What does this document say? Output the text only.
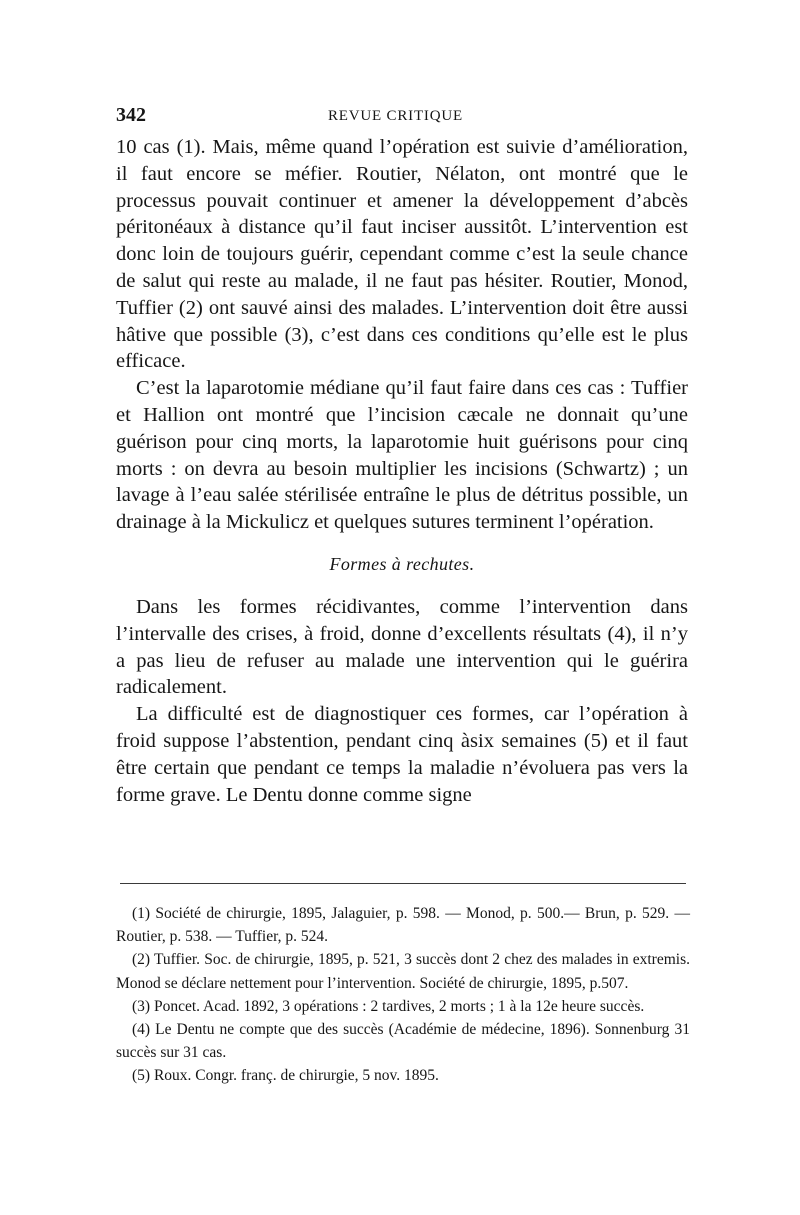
342	REVUE CRITIQUE

10 cas (1). Mais, même quand l’opération est suivie d’amélioration, il faut encore se méfier. Routier, Nélaton, ont montré que le processus pouvait continuer et amener la développement d’abcès péritonéaux à distance qu’il faut inciser aussitôt. L’intervention est donc loin de toujours guérir, cependant comme c’est la seule chance de salut qui reste au malade, il ne faut pas hésiter. Routier, Monod, Tuffier (2) ont sauvé ainsi des malades. L’intervention doit être aussi hâtive que possible (3), c’est dans ces conditions qu’elle est le plus efficace.

C’est la laparotomie médiane qu’il faut faire dans ces cas : Tuffier et Hallion ont montré que l’incision cæcale ne donnait qu’une guérison pour cinq morts, la laparotomie huit guérisons pour cinq morts : on devra au besoin multiplier les incisions (Schwartz) ; un lavage à l’eau salée stérilisée entraîne le plus de détritus possible, un drainage à la Mickulicz et quelques sutures terminent l’opération.

Formes à rechutes.

Dans les formes récidivantes, comme l’intervention dans l’intervalle des crises, à froid, donne d’excellents résultats (4), il n’y a pas lieu de refuser au malade une intervention qui le guérira radicalement.

La difficulté est de diagnostiquer ces formes, car l’opération à froid suppose l’abstention, pendant cinq àsix semaines (5) et il faut être certain que pendant ce temps la maladie n’évoluera pas vers la forme grave. Le Dentu donne comme signe

(1) Société de chirurgie, 1895, Jalaguier, p. 598. — Monod, p. 500.— Brun, p. 529. — Routier, p. 538. — Tuffier, p. 524.

(2) Tuffier. Soc. de chirurgie, 1895, p. 521, 3 succès dont 2 chez des malades in extremis. Monod se déclare nettement pour l’intervention. Société de chirurgie, 1895, p.507.

(3) Poncet. Acad. 1892, 3 opérations : 2 tardives, 2 morts ; 1 à la 12e heure succès.

(4) Le Dentu ne compte que des succès (Académie de médecine, 1896). Sonnenburg 31 succès sur 31 cas.

(5) Roux. Congr. franç. de chirurgie, 5 nov. 1895.
